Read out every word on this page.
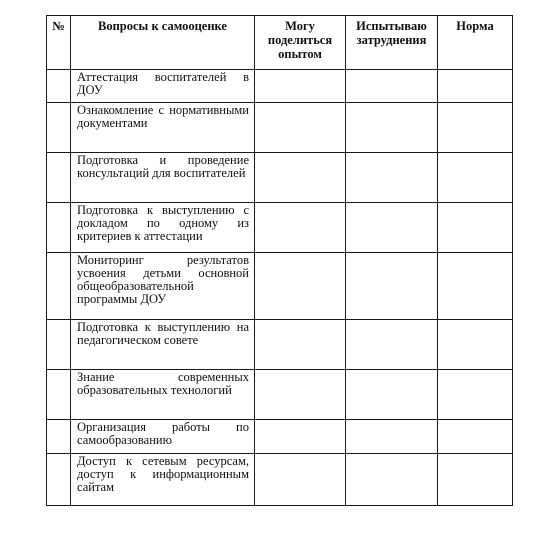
№	Вопросы к самооценке	Могу поделиться опытом	Испытываю затруднения	Норма
	Аттестация воспитателей в ДОУ			
	Ознакомление с нормативными документами			
	Подготовка и проведение консультаций для воспитателей			
	Подготовка к выступлению с докладом по одному из критериев к аттестации			
	Мониторинг результатов усвоения детьми основной общеобразовательной программы ДОУ			
	Подготовка к выступлению на педагогическом совете			
	Знание современных образовательных технологий			
	Организация работы по самообразованию			
	Доступ к сетевым ресурсам, доступ к информационным сайтам			
